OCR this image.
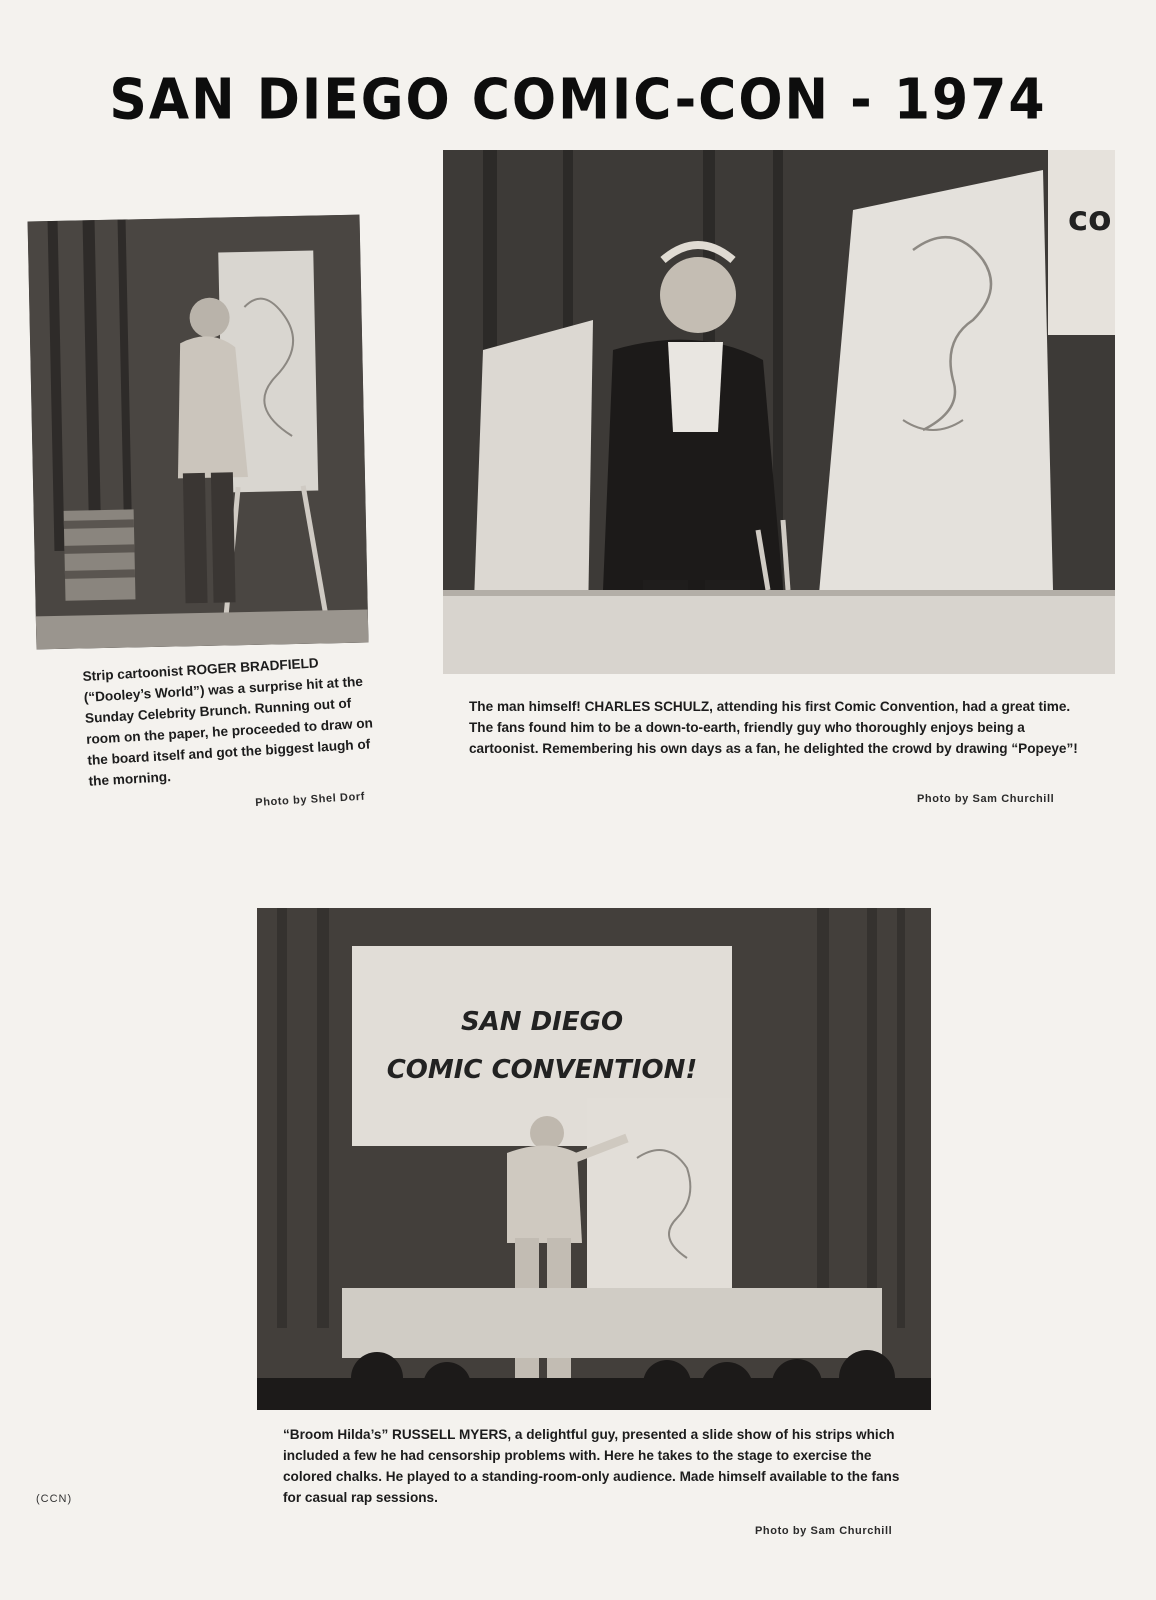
SAN DIEGO COMIC-CON - 1974
Strip cartoonist ROGER BRADFIELD (“Dooley’s World”) was a surprise hit at the Sunday Celebrity Brunch. Running out of room on the paper, he proceeded to draw on the board itself and got the biggest laugh of the morning.
Photo by Shel Dorf
co
The man himself! CHARLES SCHULZ, attending his first Comic Convention, had a great time. The fans found him to be a down-to-earth, friendly guy who thoroughly enjoys being a cartoonist. Remembering his own days as a fan, he delighted the crowd by drawing “Popeye”!
Photo by Sam Churchill
SAN DIEGO
COMIC CONVENTION!
“Broom Hilda’s” RUSSELL MYERS, a delightful guy, presented a slide show of his strips which included a few he had censorship problems with. Here he takes to the stage to exercise the colored chalks. He played to a standing-room-only audience. Made himself available to the fans for casual rap sessions.
Photo by Sam Churchill
(CCN)
